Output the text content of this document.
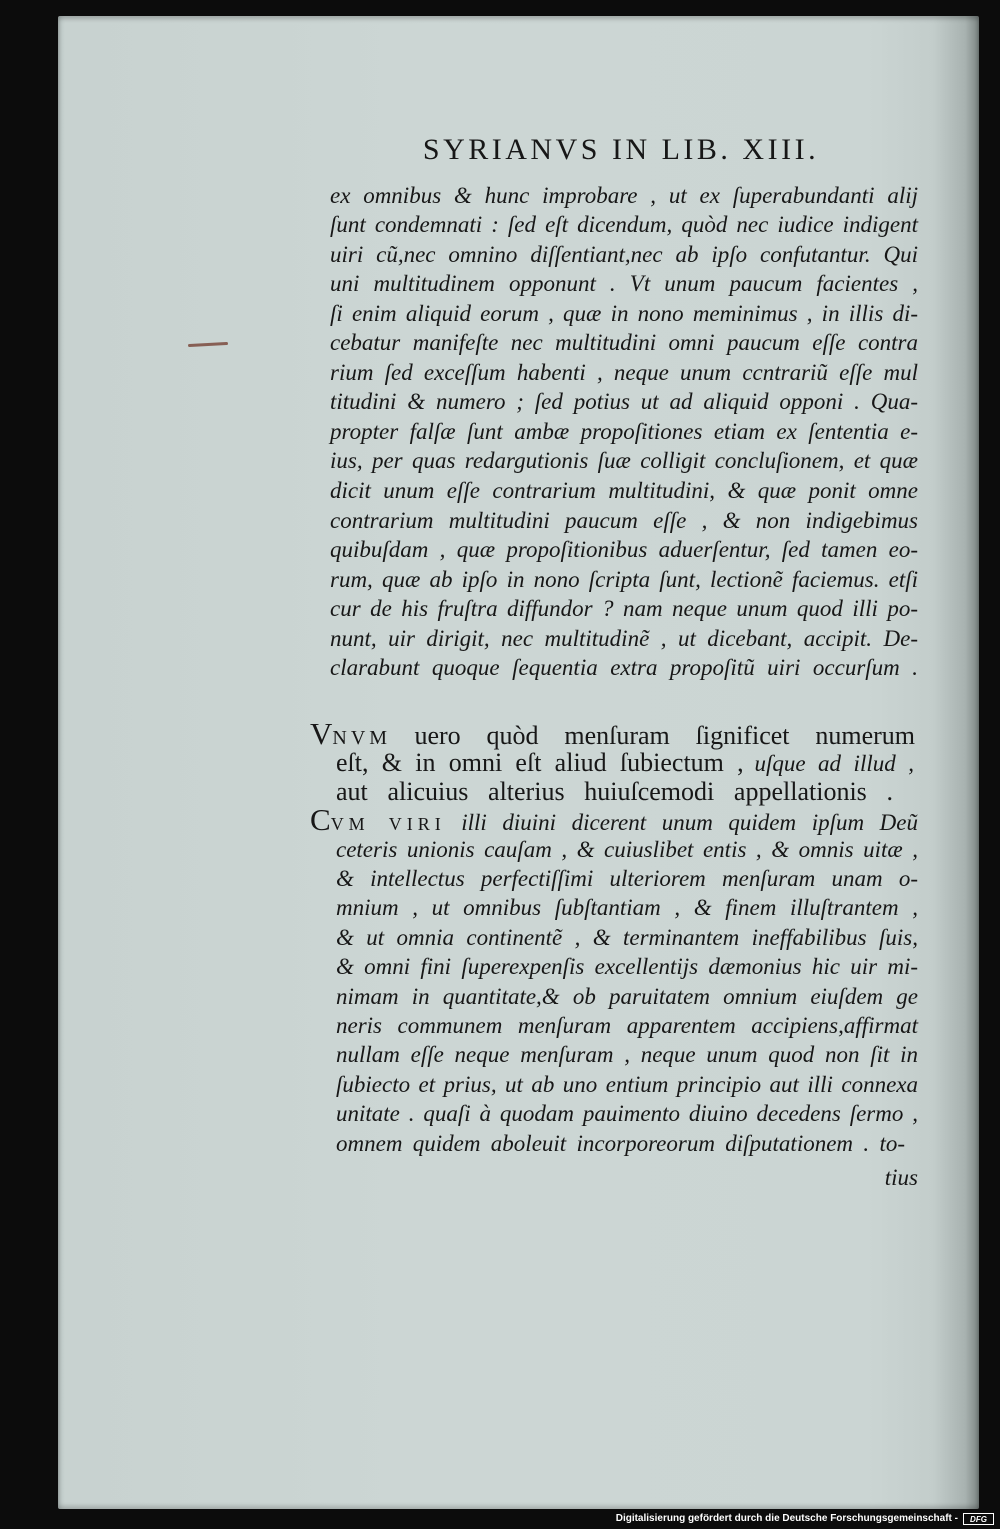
SYRIANVS IN LIB. XIII.
ex omnibus & hunc improbare , ut ex ſuperabundanti alij
ſunt condemnati : ſed eſt dicendum, quòd nec iudice indigent
uiri cũ,nec omnino diſſentiant,nec ab ipſo confutantur. Qui
uni multitudinem opponunt . Vt unum paucum facientes ,
ſi enim aliquid eorum , quæ in nono meminimus , in illis di-
cebatur manifeſte nec multitudini omni paucum eſſe contra
rium ſed exceſſum habenti , neque unum ccntrariũ eſſe mul
titudini & numero ; ſed potius ut ad aliquid opponi . Qua-
propter falſæ ſunt ambæ propoſitiones etiam ex ſententia e-
ius, per quas redargutionis ſuæ colligit concluſionem, et quæ
dicit unum eſſe contrarium multitudini, & quæ ponit omne
contrarium multitudini paucum eſſe , & non indigebimus
quibuſdam , quæ propoſitionibus aduerſentur, ſed tamen eo-
rum, quæ ab ipſo in nono ſcripta ſunt, lectionẽ faciemus. etſi
cur de his fruſtra diffundor ? nam neque unum quod illi po-
nunt, uir dirigit, nec multitudinẽ , ut dicebant, accipit. De-
clarabunt quoque ſequentia extra propoſitũ uiri occurſum .
VNVM uero quòd menſuram ſignificet numerum
eſt, & in omni eſt aliud ſubiectum , uſque ad illud ,
aut alicuius alterius huiuſcemodi appellationis .
CVM VIRI illi diuini dicerent unum quidem ipſum Deũ
ceteris unionis cauſam , & cuiuslibet entis , & omnis uitæ ,
& intellectus perfectiſſimi ulteriorem menſuram unam o-
mnium , ut omnibus ſubſtantiam , & finem illuſtrantem ,
& ut omnia continentẽ , & terminantem ineffabilibus ſuis,
& omni fini ſuperexpenſis excellentijs dæmonius hic uir mi-
nimam in quantitate,& ob paruitatem omnium eiuſdem ge
neris communem menſuram apparentem accipiens,affirmat
nullam eſſe neque menſuram , neque unum quod non ſit in
ſubiecto et prius, ut ab uno entium principio aut illi connexa
unitate . quaſi à quodam pauimento diuino decedens ſermo ,
omnem quidem aboleuit incorporeorum diſputationem . to-
tius
Digitalisierung gefördert durch die Deutsche Forschungsgemeinschaft -	DFG
